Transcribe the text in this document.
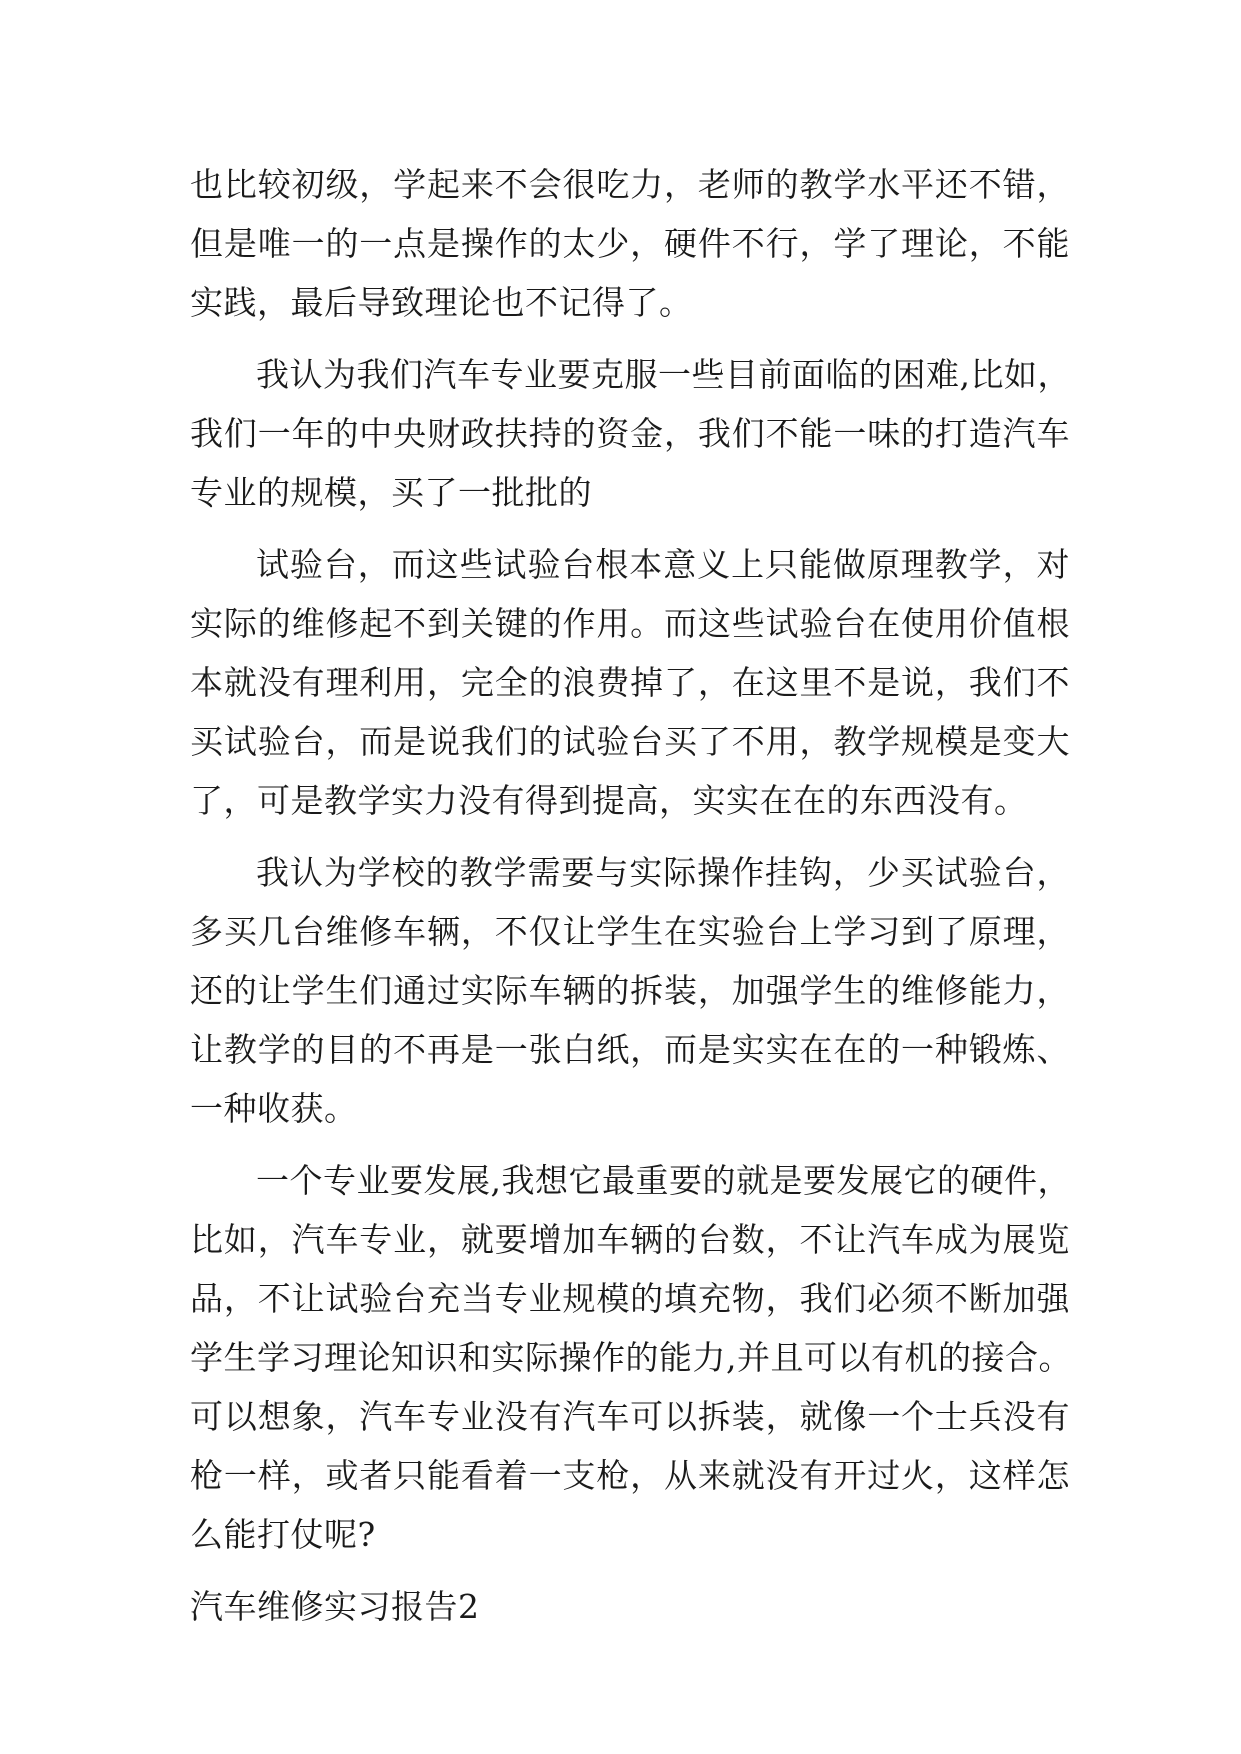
也比较初级，学起来不会很吃力，老师的教学水平还不错，
但是唯一的一点是操作的太少，硬件不行，学了理论，不能
实践，最后导致理论也不记得了。
我认为我们汽车专业要克服一些目前面临的困难,比如，
我们一年的中央财政扶持的资金，我们不能一味的打造汽车
专业的规模，买了一批批的
试验台，而这些试验台根本意义上只能做原理教学，对
实际的维修起不到关键的作用。而这些试验台在使用价值根
本就没有理利用，完全的浪费掉了，在这里不是说，我们不
买试验台，而是说我们的试验台买了不用，教学规模是变大
了，可是教学实力没有得到提高，实实在在的东西没有。
我认为学校的教学需要与实际操作挂钩，少买试验台，
多买几台维修车辆，不仅让学生在实验台上学习到了原理，
还的让学生们通过实际车辆的拆装，加强学生的维修能力，
让教学的目的不再是一张白纸，而是实实在在的一种锻炼、
一种收获。
一个专业要发展,我想它最重要的就是要发展它的硬件，
比如，汽车专业，就要增加车辆的台数，不让汽车成为展览
品，不让试验台充当专业规模的填充物，我们必须不断加强
学生学习理论知识和实际操作的能力,并且可以有机的接合。
可以想象，汽车专业没有汽车可以拆装，就像一个士兵没有
枪一样，或者只能看着一支枪，从来就没有开过火，这样怎
么能打仗呢?
汽车维修实习报告2
